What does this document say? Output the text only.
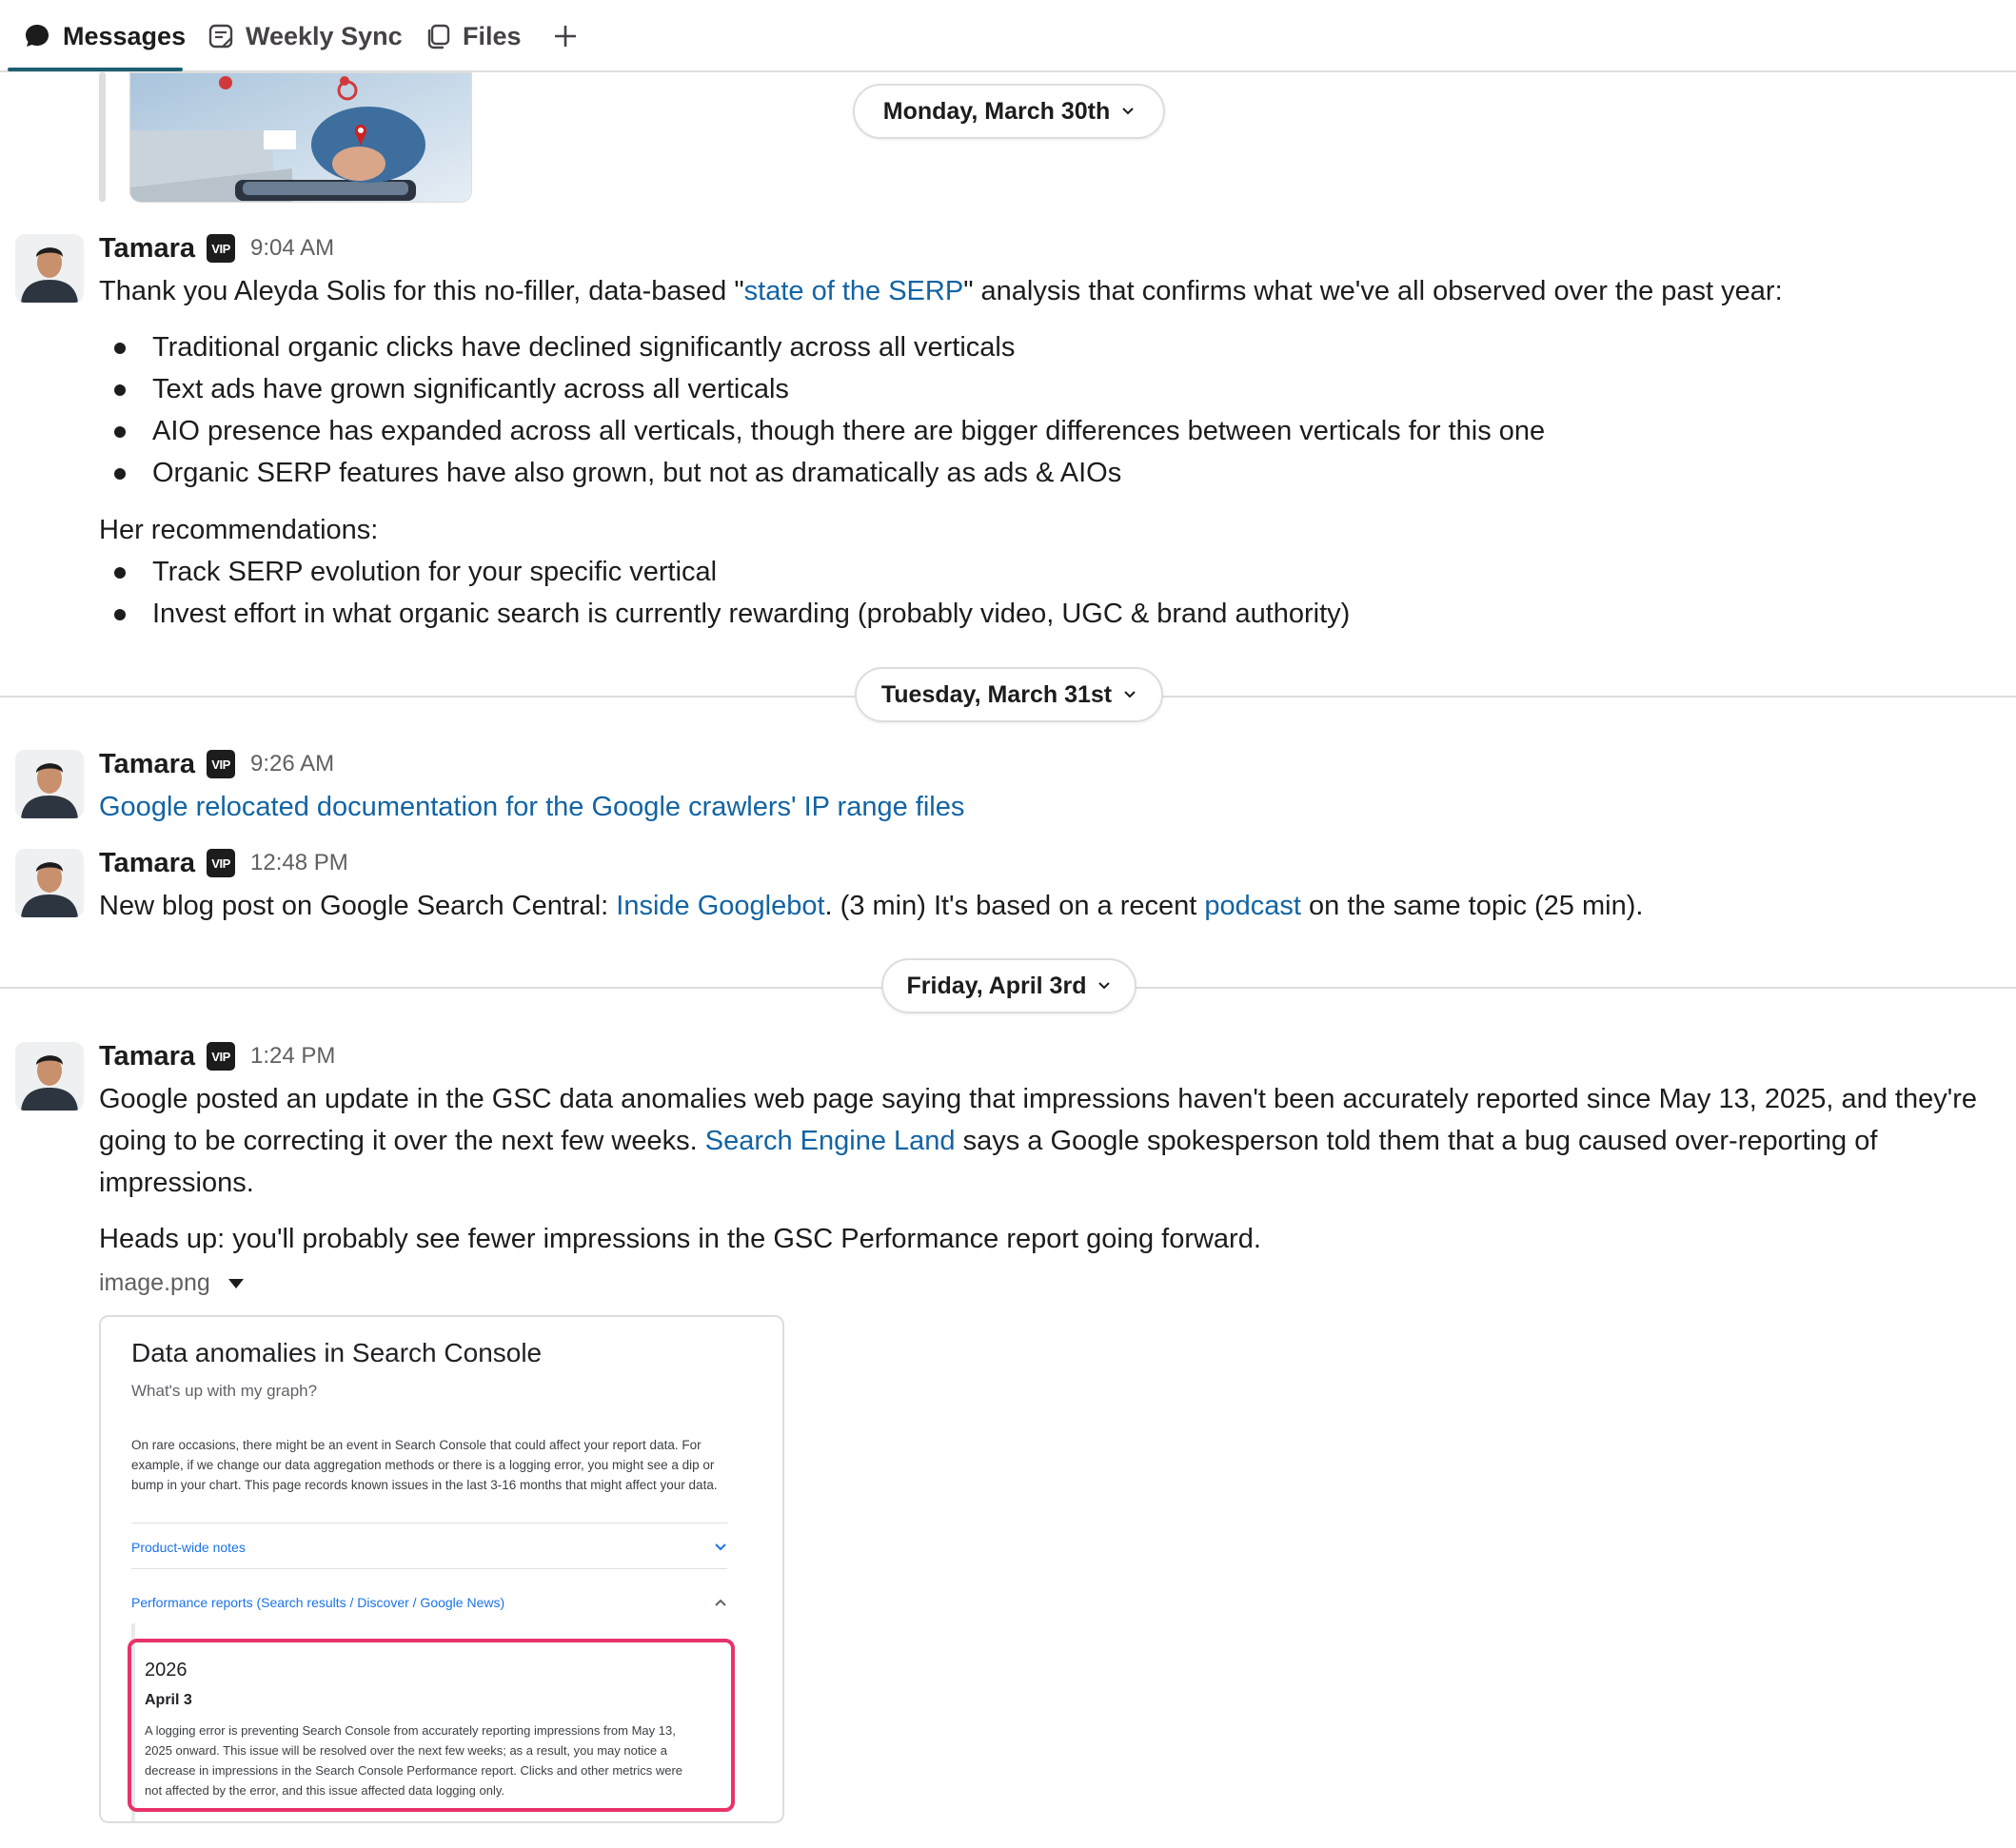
Messages Weekly Sync Files
Monday, March 30th
Tamara	VIP 9:04 AM
Thank you Aleyda Solis for this no-filler, data-based "state of the SERP" analysis that confirms what we've all observed over the past year:
Traditional organic clicks have declined significantly across all verticals
Text ads have grown significantly across all verticals
AIO presence has expanded across all verticals, though there are bigger differences between verticals for this one
Organic SERP features have also grown, but not as dramatically as ads & AIOs
Her recommendations:
Track SERP evolution for your specific vertical
Invest effort in what organic search is currently rewarding (probably video, UGC & brand authority)
Tuesday, March 31st
Tamara	VIP 9:26 AM
Google relocated documentation for the Google crawlers' IP range files
Tamara	VIP 12:48 PM
New blog post on Google Search Central: Inside Googlebot. (3 min) It's based on a recent podcast on the same topic (25 min).
Friday, April 3rd
Tamara	VIP 1:24 PM
Google posted an update in the GSC data anomalies web page saying that impressions haven't been accurately reported since May 13, 2025, and they're going to be correcting it over the next few weeks. Search Engine Land says a Google spokesperson told them that a bug caused over-reporting of impressions.
Heads up: you'll probably see fewer impressions in the GSC Performance report going forward.
image.png
Data anomalies in Search Console
What's up with my graph?
On rare occasions, there might be an event in Search Console that could affect your report data. For example, if we change our data aggregation methods or there is a logging error, you might see a dip or bump in your chart. This page records known issues in the last 3-16 months that might affect your data.
Product-wide notes
Performance reports (Search results / Discover / Google News)
2026
April 3
A logging error is preventing Search Console from accurately reporting impressions from May 13, 2025 onward. This issue will be resolved over the next few weeks; as a result, you may notice a decrease in impressions in the Search Console Performance report. Clicks and other metrics were not affected by the error, and this issue affected data logging only.
